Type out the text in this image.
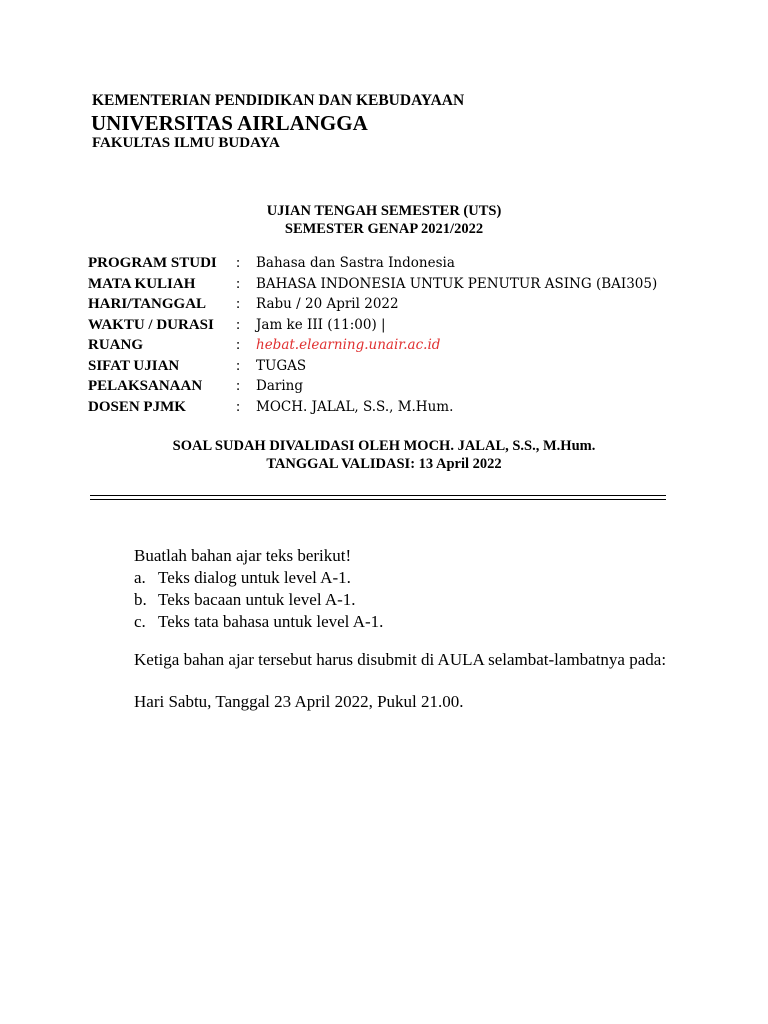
KEMENTERIAN PENDIDIKAN DAN KEBUDAYAAN
UNIVERSITAS AIRLANGGA
FAKULTAS ILMU BUDAYA
UJIAN TENGAH SEMESTER (UTS)
SEMESTER GENAP 2021/2022
PROGRAM STUDI : Bahasa dan Sastra Indonesia
MATA KULIAH	: BAHASA INDONESIA UNTUK PENUTUR ASING (BAI305)
HARI/TANGGAL : Rabu / 20 April 2022
WAKTU / DURASI : Jam ke III (11:00) |
RUANG	: hebat.elearning.unair.ac.id
SIFAT UJIAN	: TUGAS
PELAKSANAAN : Daring
DOSEN PJMK	: MOCH. JALAL, S.S., M.Hum.
SOAL SUDAH DIVALIDASI OLEH MOCH. JALAL, S.S., M.Hum.
TANGGAL VALIDASI: 13 April 2022
Buatlah bahan ajar teks berikut!
a. Teks dialog untuk level A-1.
b. Teks bacaan untuk level A-1.
c. Teks tata bahasa untuk level A-1.
Ketiga bahan ajar tersebut harus disubmit di AULA selambat-lambatnya pada:
Hari Sabtu, Tanggal 23 April 2022, Pukul 21.00.
